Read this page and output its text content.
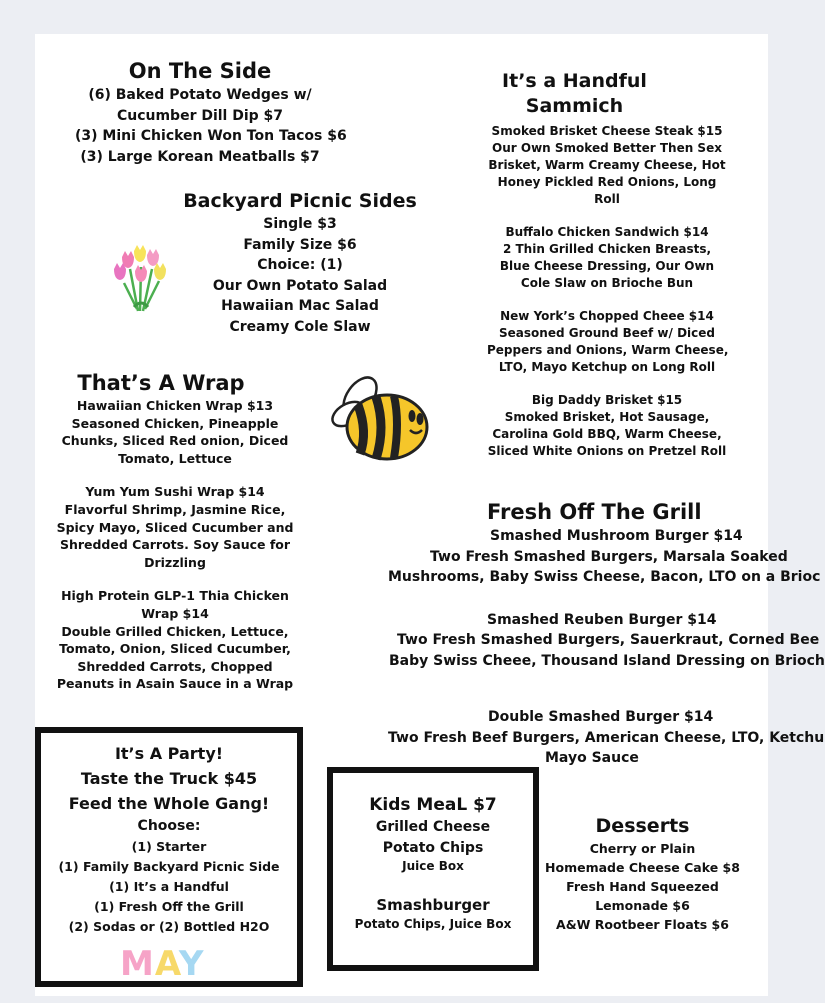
On The Side
(6) Baked Potato Wedges w/
Cucumber Dill Dip $7
(3) Mini Chicken Won Ton Tacos $6
(3) Large Korean Meatballs $7
Backyard Picnic Sides
Single $3
Family Size $6
Choice: (1)
Our Own Potato Salad
Hawaiian Mac Salad
Creamy Cole Slaw
That’s A Wrap
Hawaiian Chicken Wrap $13
Seasoned Chicken, Pineapple
Chunks, Sliced Red onion, Diced
Tomato, Lettuce
Yum Yum Sushi Wrap $14
Flavorful Shrimp, Jasmine Rice,
Spicy Mayo, Sliced Cucumber and
Shredded Carrots. Soy Sauce for
Drizzling
High Protein GLP-1 Thia Chicken
Wrap $14
Double Grilled Chicken, Lettuce,
Tomato, Onion, Sliced Cucumber,
Shredded Carrots, Chopped
Peanuts in Asain Sauce in a Wrap
It’s a Handful
Sammich
Smoked Brisket Cheese Steak $15
Our Own Smoked Better Then Sex
Brisket, Warm Creamy Cheese, Hot
Honey Pickled Red Onions, Long
Roll
Buffalo Chicken Sandwich $14
2 Thin Grilled Chicken Breasts,
Blue Cheese Dressing, Our Own
Cole Slaw on Brioche Bun
New York’s Chopped Cheee $14
Seasoned Ground Beef w/ Diced
Peppers and Onions, Warm Cheese,
LTO, Mayo Ketchup on Long Roll
Big Daddy Brisket $15
Smoked Brisket, Hot Sausage,
Carolina Gold BBQ, Warm Cheese,
Sliced White Onions on Pretzel Roll
Fresh Off The Grill
Smashed Mushroom Burger $14
Two Fresh Smashed Burgers, Marsala Soaked
Mushrooms, Baby Swiss Cheese, Bacon, LTO on a Brioc
Smashed Reuben Burger $14
Two Fresh Smashed Burgers, Sauerkraut, Corned Bee
Baby Swiss Cheee, Thousand Island Dressing on Brioch
Double Smashed Burger $14
Two Fresh Beef Burgers, American Cheese, LTO, Ketchu
Mayo Sauce
It’s A Party!
Taste the Truck $45
Feed the Whole Gang!
Choose:
(1) Starter
(1) Family Backyard Picnic Side
(1) It’s a Handful
(1) Fresh Off the Grill
(2) Sodas or (2) Bottled H2O
MAY
Kids MeaL $7
Grilled Cheese
Potato Chips
Juice Box
Smashburger
Potato Chips, Juice Box
Desserts
Cherry or Plain
Homemade Cheese Cake $8
Fresh Hand Squeezed
Lemonade $6
A&W Rootbeer Floats $6
